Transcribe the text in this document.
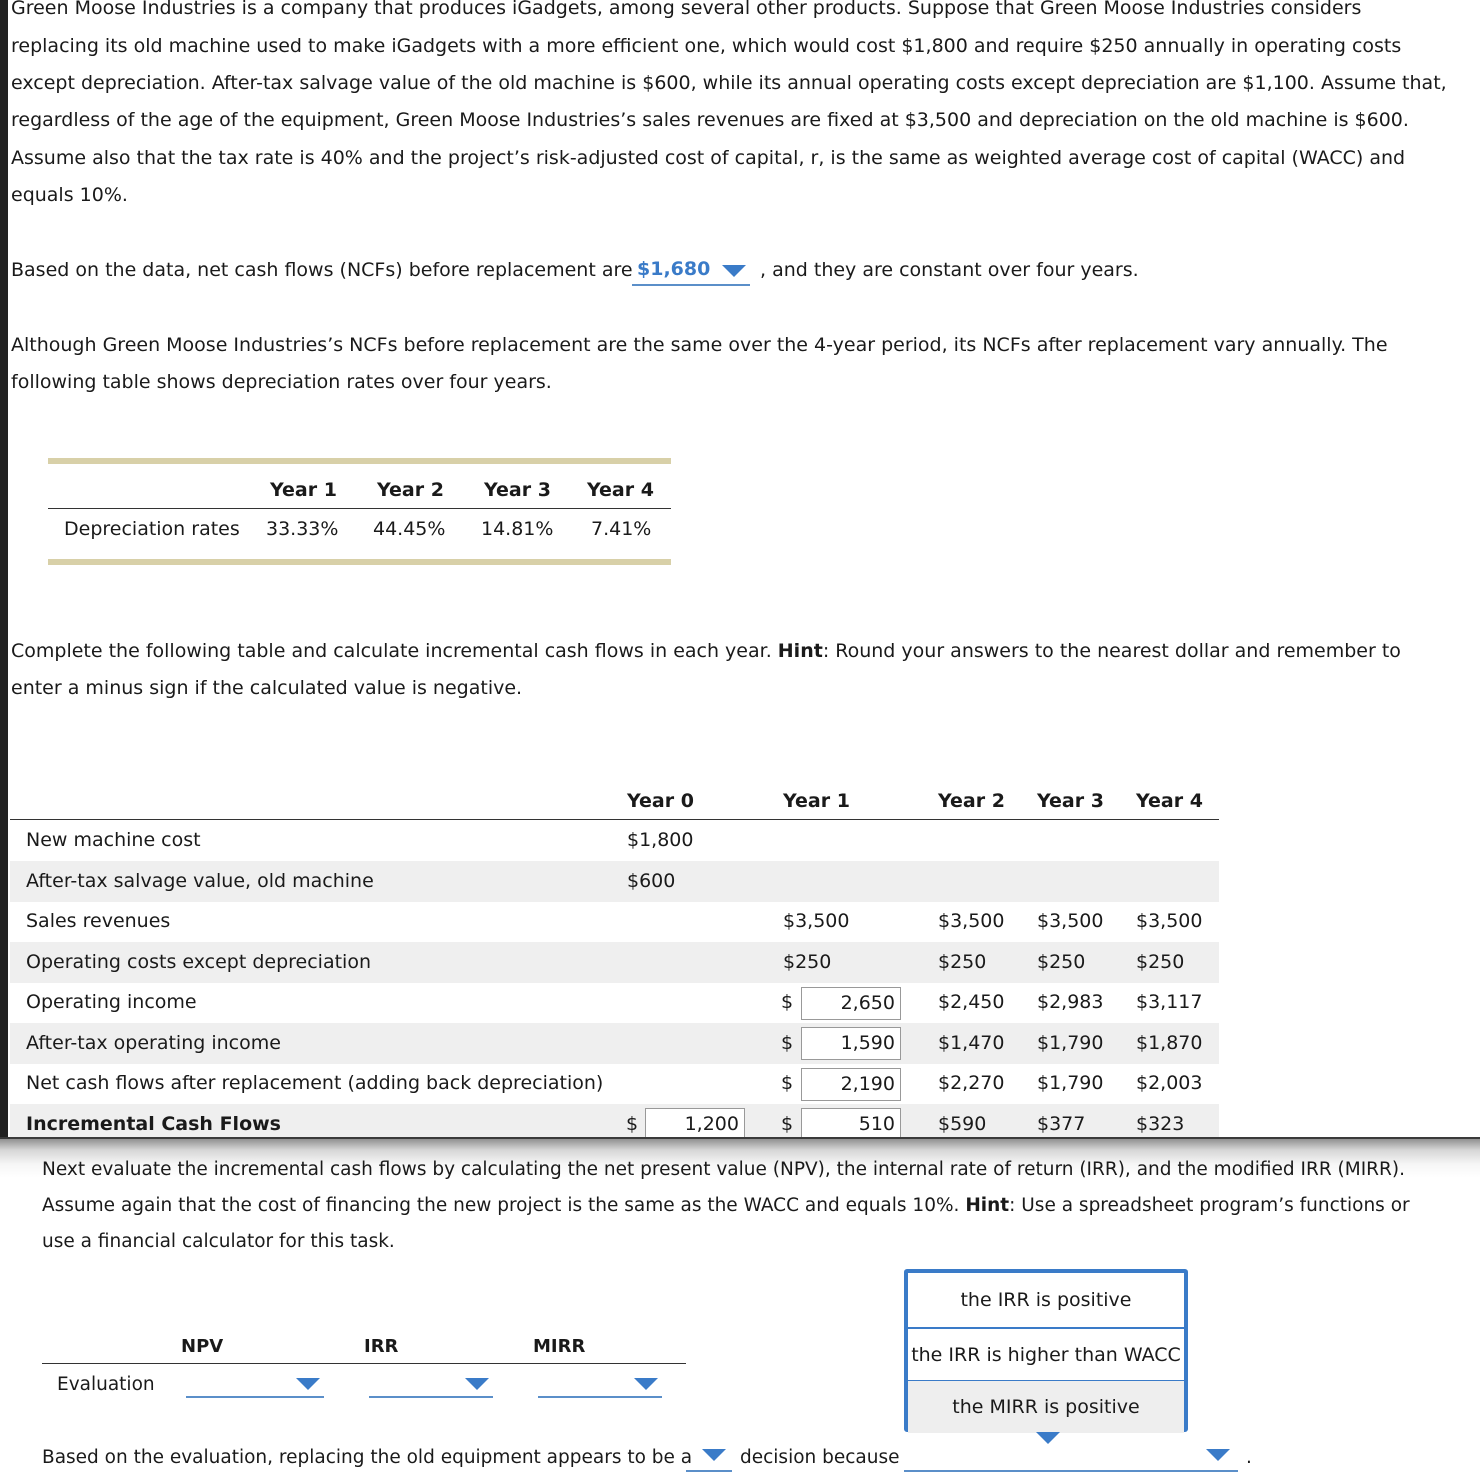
Green Moose Industries is a company that produces iGadgets, among several other products. Suppose that Green Moose Industries considers
replacing its old machine used to make iGadgets with a more efficient one, which would cost $1,800 and require $250 annually in operating costs
except depreciation. After-tax salvage value of the old machine is $600, while its annual operating costs except depreciation are $1,100. Assume that,
regardless of the age of the equipment, Green Moose Industries’s sales revenues are fixed at $3,500 and depreciation on the old machine is $600.
Assume also that the tax rate is 40% and the project’s risk-adjusted cost of capital, r, is the same as weighted average cost of capital (WACC) and
equals 10%.
Based on the data, net cash flows (NCFs) before replacement are $1,680	, and they are constant over four years.
Although Green Moose Industries’s NCFs before replacement are the same over the 4-year period, its NCFs after replacement vary annually. The
following table shows depreciation rates over four years.
Year 1 Year 2 Year 3 Year 4
Depreciation rates 33.33% 44.45% 14.81% 7.41%
Complete the following table and calculate incremental cash flows in each year. Hint: Round your answers to the nearest dollar and remember to
enter a minus sign if the calculated value is negative.
Year 0	Year 1	Year 2 Year 3 Year 4
New machine cost	$1,800
After-tax salvage value, old machine	$600
Sales revenues	$3,500	$3,500 $3,500 $3,500
Operating costs except depreciation	$250	$250	$250	$250
Operating income	$	2,650	$2,450 $2,983 $3,117
After-tax operating income	$	1,590	$1,470 $1,790 $1,870
Net cash flows after replacement (adding back depreciation)	$	2,190	$2,270 $1,790 $2,003
Incremental Cash Flows	$	1,200	$	510	$590	$377	$323
Next evaluate the incremental cash flows by calculating the net present value (NPV), the internal rate of return (IRR), and the modified IRR (MIRR).
Assume again that the cost of financing the new project is the same as the WACC and equals 10%. Hint: Use a spreadsheet program’s functions or
use a financial calculator for this task.
NPV	IRR	MIRR
Evaluation
the IRR is positive
the IRR is higher than WACC
the MIRR is positive
Based on the evaluation, replacing the old equipment appears to be a	decision because	.
